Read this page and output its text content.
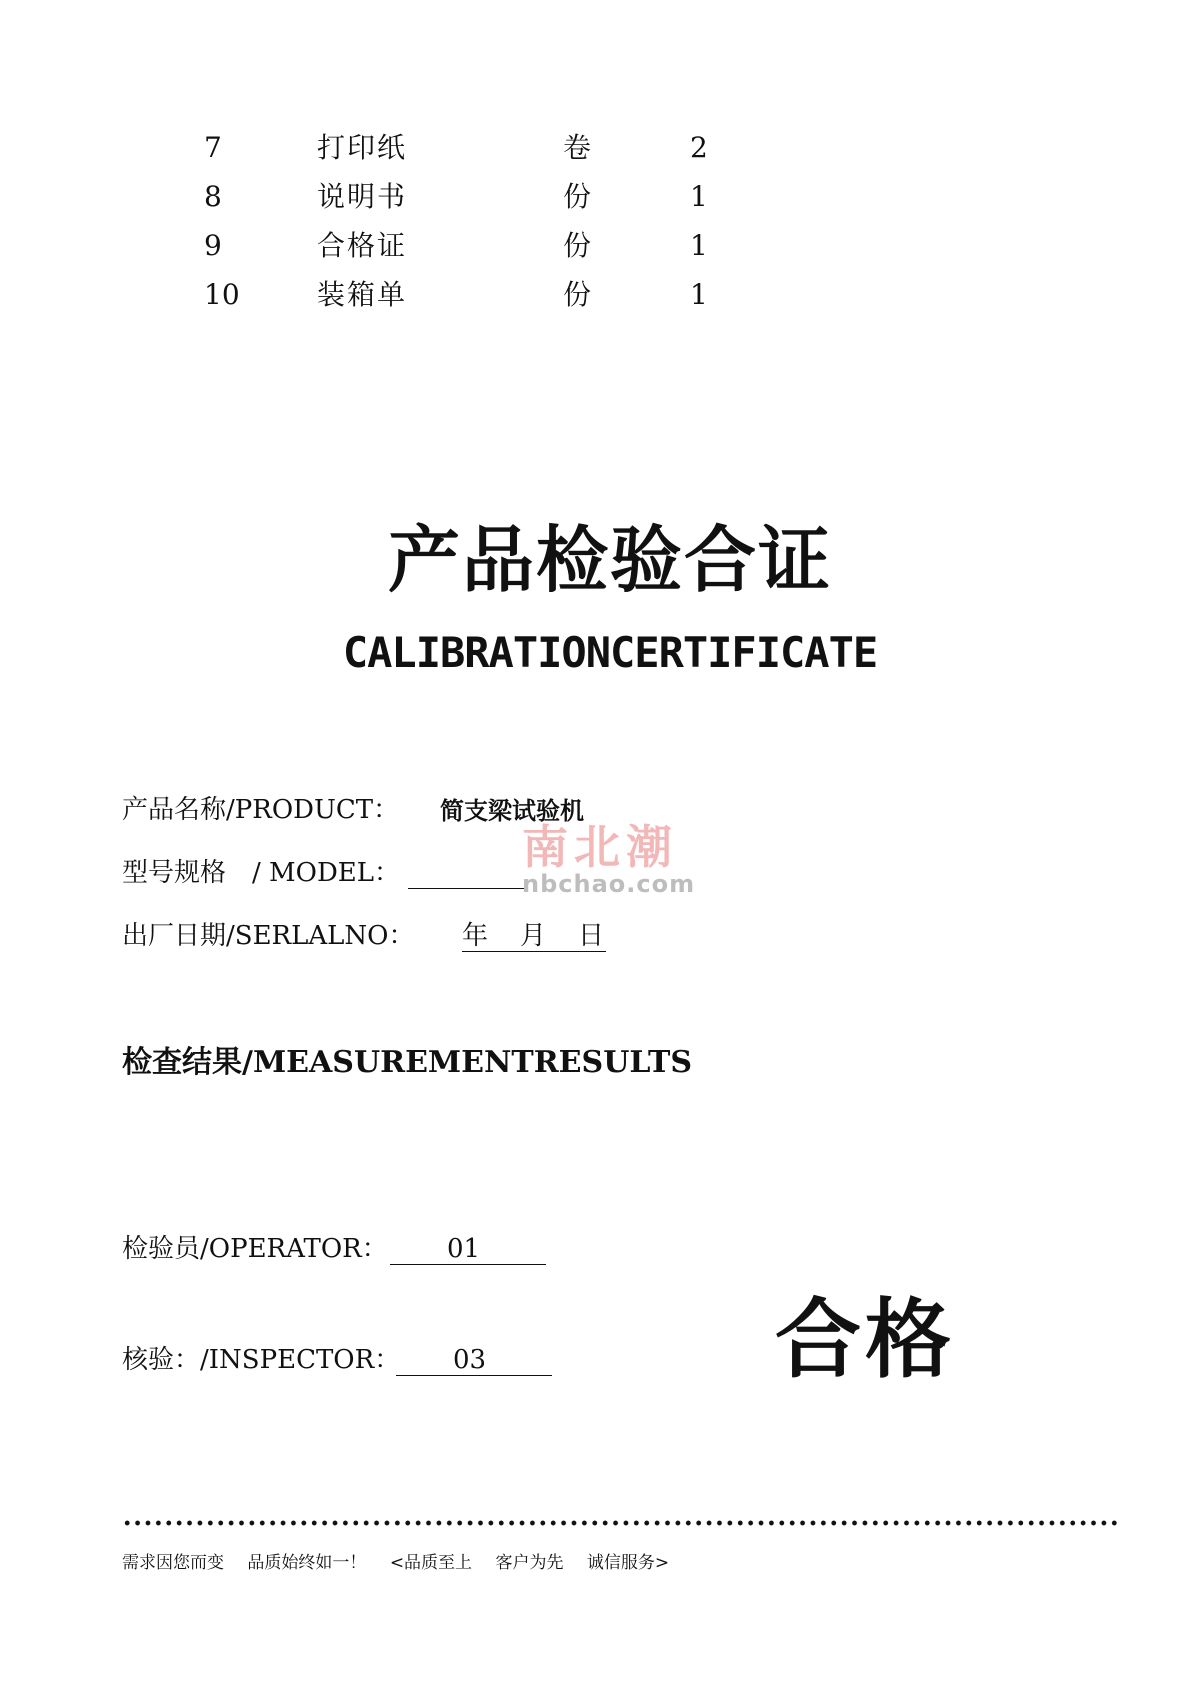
7	打印纸	卷	2
8	说明书	份	1
9	合格证	份	1
10	装箱单	份	1
产品检验合证
CALIBRATIONCERTIFICATE
产品名称/PRODUCT： 简支梁试验机
型号规格　/ MODEL：
出厂日期/SERLALNO： 年 月 日
南北潮
nbchao.com
检查结果/MEASUREMENTRESULTS
检验员/OPERATOR： 01
核验：/INSPECTOR： 03	合格
需求因您而变 品质始终如一！ <品质至上 客户为先 诚信服务>
